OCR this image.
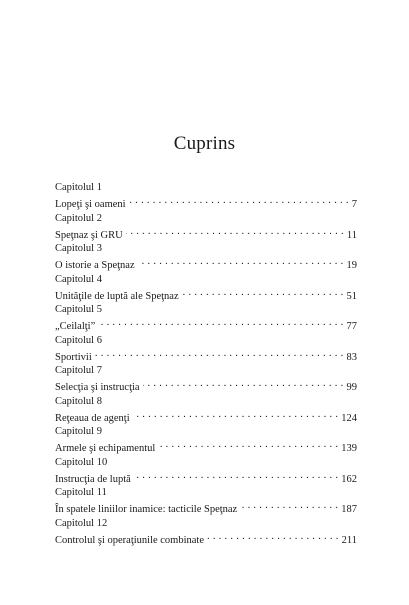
Cuprins
Capitolul 1
Lopeţi şi oameni . . .	7
Capitolul 2
Speţnaz şi GRU . . .	11
Capitolul 3
O istorie a Speţnaz . . .	19
Capitolul 4
Unităţile de luptă ale Speţnaz . . .	51
Capitolul 5
„Ceilalţi” . . .	77
Capitolul 6
Sportivii . . .	83
Capitolul 7
Selecţia şi instrucţia . . .	99
Capitolul 8
Reţeaua de agenţi . . .	124
Capitolul 9
Armele şi echipamentul . . .	139
Capitolul 10
Instrucţia de luptă . . .	162
Capitolul 11
În spatele liniilor inamice: tacticile Speţnaz . . .	187
Capitolul 12
Controlul şi operaţiunile combinate . . .	211
